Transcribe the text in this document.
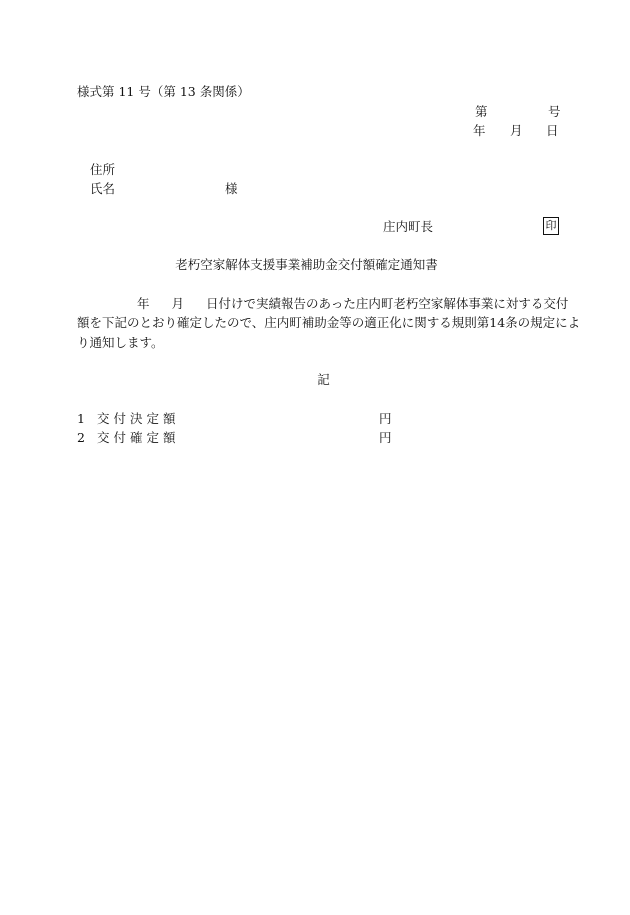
様式第 11 号（第 13 条関係）
第	号
年 月 日
住所
氏名	様
庄内町長	印
老朽空家解体支援事業補助金交付額確定通知書
年 月 日付けで実績報告のあった庄内町老朽空家解体事業に対する交付
額を下記のとおり確定したので、庄内町補助金等の適正化に関する規則第14条の規定によ
り通知します。
記
1 交付決定額	円
2 交付確定額	円
